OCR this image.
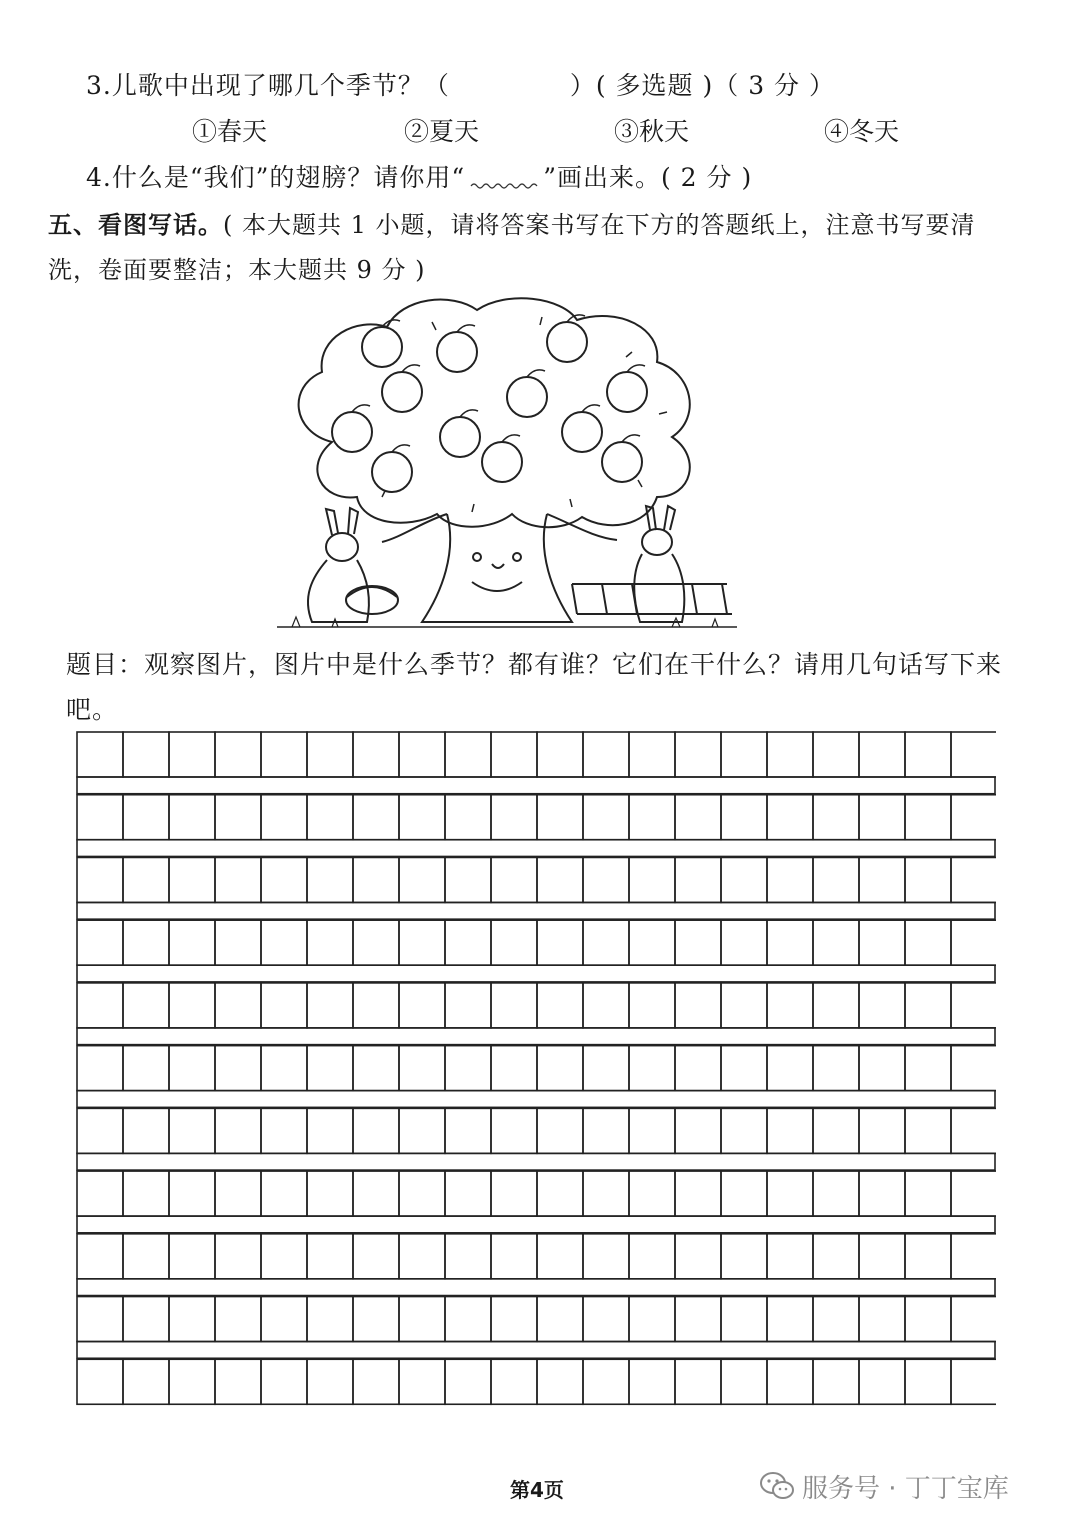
3.儿歌中出现了哪几个季节？（	）( 多选题 )（ 3 分 ）
①春天	②夏天	③秋天	④冬天
4.什么是“我们”的翅膀？请你用“	”画出来。( 2 分 )
五、看图写话。( 本大题共 1 小题，请将答案书写在下方的答题纸上，注意书写要清
洗，卷面要整洁；本大题共 9 分 )
题目：观察图片，图片中是什么季节？都有谁？它们在干什么？请用几句话写下来
吧。
第4页	服务号 · 丁丁宝库
